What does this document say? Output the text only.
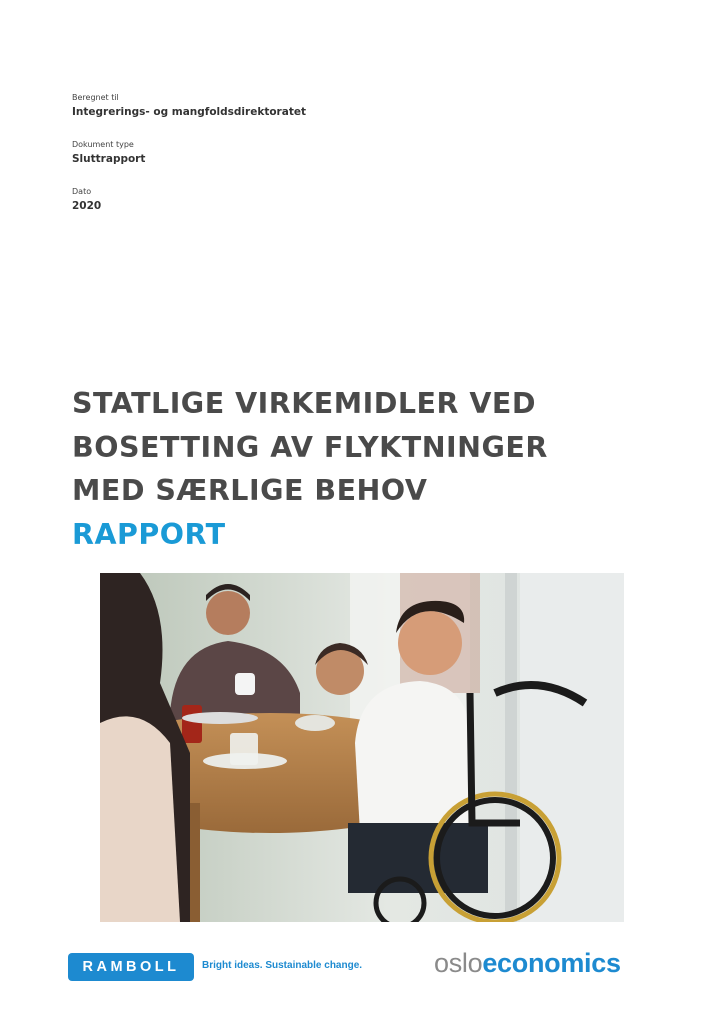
Beregnet til

Integrerings- og mangfoldsdirektoratet

Dokument type

Sluttrapport

Dato

2020

STATLIGE VIRKEMIDLER VED
BOSETTING AV FLYKTNINGER
MED SÆRLIGE BEHOV
RAPPORT
RAMBOLL	Bright ideas. Sustainable change.	osloeconomics
